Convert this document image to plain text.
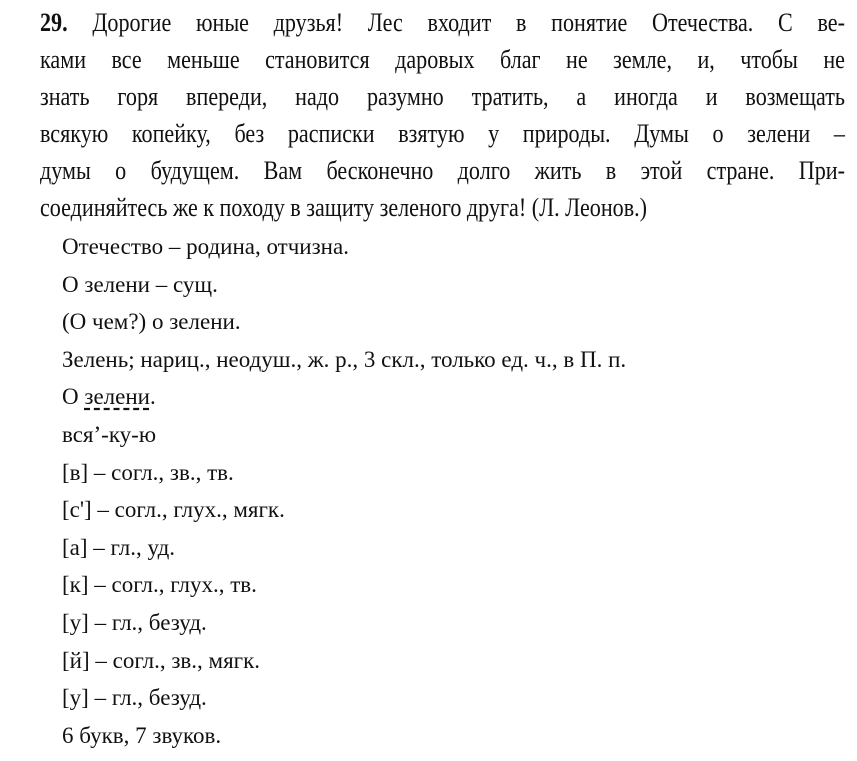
29. Дорогие юные друзья! Лес входит в понятие Отечества. С ве-
ками все меньше становится даровых благ не земле, и, чтобы не
знать горя впереди, надо разумно тратить, а иногда и возмещать
всякую копейку, без расписки взятую у природы. Думы о зелени –
думы о будущем. Вам бесконечно долго жить в этой стране. При-
соединяйтесь же к походу в защиту зеленого друга! (Л. Леонов.)
Отечество – родина, отчизна.
О зелени – сущ.
(О чем?) о зелени.
Зелень; нариц., неодуш., ж. р., 3 скл., только ед. ч., в П. п.
О зелени.
вся’-ку-ю
[в] – согл., зв., тв.
[с'] – согл., глух., мягк.
[а] – гл., уд.
[к] – согл., глух., тв.
[у] – гл., безуд.
[й] – согл., зв., мягк.
[у] – гл., безуд.
6 букв, 7 звуков.
